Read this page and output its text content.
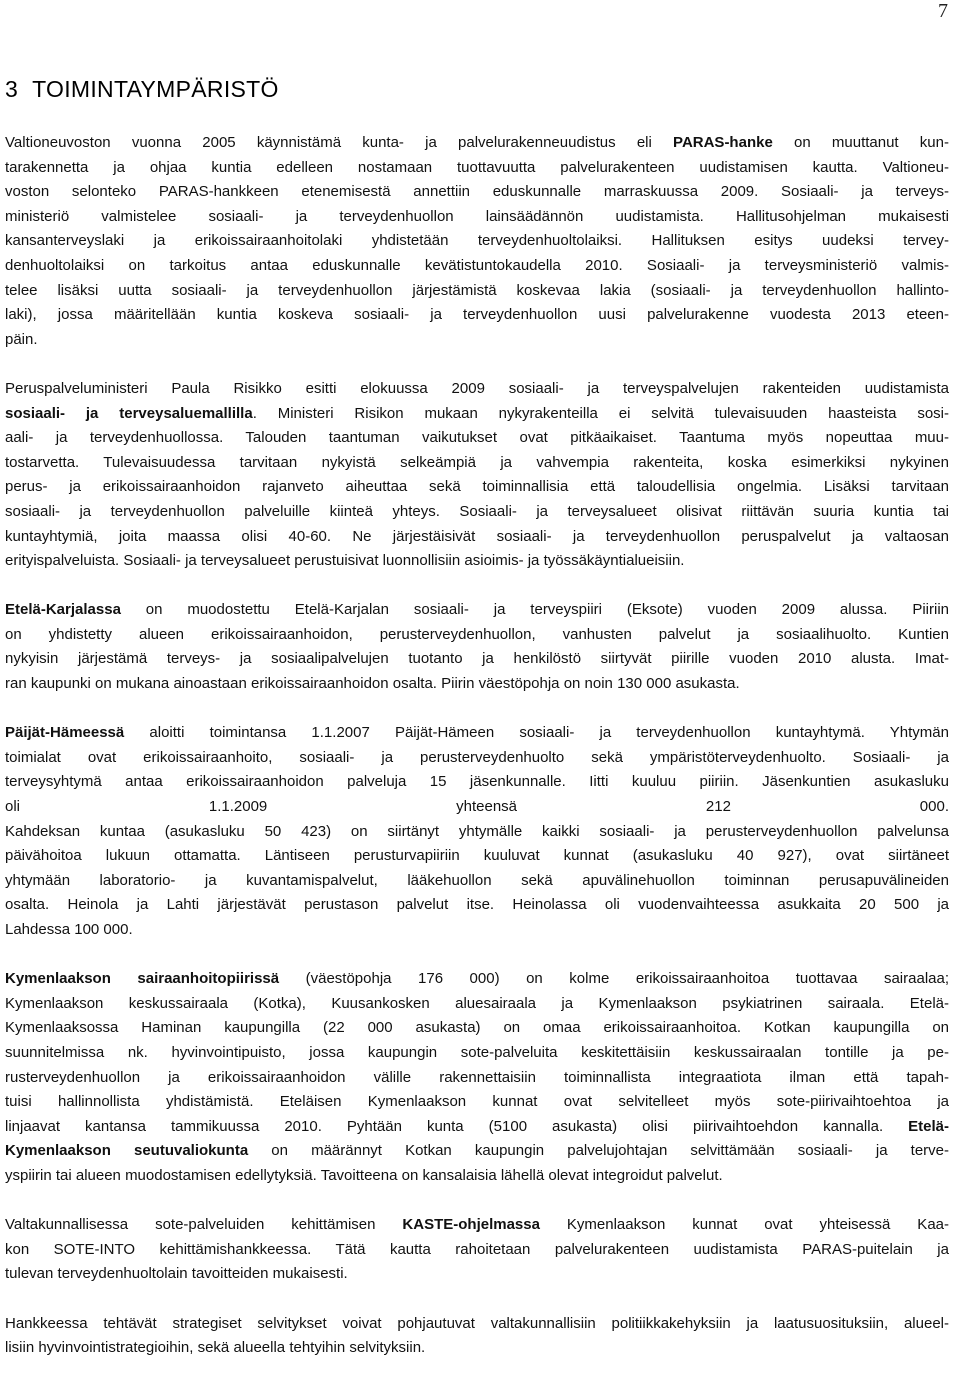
7
3 TOIMINTAYMPÄRISTÖ
Valtioneuvoston vuonna 2005 käynnistämä kunta- ja palvelurakenneuudistus eli PARAS-hanke on muuttanut kun-
tarakennetta ja ohjaa kuntia edelleen nostamaan tuottavuutta palvelurakenteen uudistamisen kautta. Valtioneu-
voston selonteko PARAS-hankkeen etenemisestä annettiin eduskunnalle marraskuussa 2009. Sosiaali- ja terveys-
ministeriö valmistelee sosiaali- ja terveydenhuollon lainsäädännön uudistamista. Hallitusohjelman mukaisesti
kansanterveyslaki ja erikoissairaanhoitolaki yhdistetään terveydenhuoltolaiksi. Hallituksen esitys uudeksi tervey-
denhuoltolaiksi on tarkoitus antaa eduskunnalle kevätistuntokaudella 2010. Sosiaali- ja terveysministeriö valmis-
telee lisäksi uutta sosiaali- ja terveydenhuollon järjestämistä koskevaa lakia (sosiaali- ja terveydenhuollon hallinto-
laki), jossa määritellään kuntia koskeva sosiaali- ja terveydenhuollon uusi palvelurakenne vuodesta 2013 eteen-
päin.
Peruspalveluministeri Paula Risikko esitti elokuussa 2009 sosiaali- ja terveyspalvelujen rakenteiden uudistamista
sosiaali- ja terveysaluemallilla. Ministeri Risikon mukaan nykyrakenteilla ei selvitä tulevaisuuden haasteista sosi-
aali- ja terveydenhuollossa. Talouden taantuman vaikutukset ovat pitkäaikaiset. Taantuma myös nopeuttaa muu-
tostarvetta. Tulevaisuudessa tarvitaan nykyistä selkeämpiä ja vahvempia rakenteita, koska esimerkiksi nykyinen
perus- ja erikoissairaanhoidon rajanveto aiheuttaa sekä toiminnallisia että taloudellisia ongelmia. Lisäksi tarvitaan
sosiaali- ja terveydenhuollon palveluille kiinteä yhteys. Sosiaali- ja terveysalueet olisivat riittävän suuria kuntia tai
kuntayhtymiä, joita maassa olisi 40-60. Ne järjestäisivät sosiaali- ja terveydenhuollon peruspalvelut ja valtaosan
erityispalveluista. Sosiaali- ja terveysalueet perustuisivat luonnollisiin asioimis- ja työssäkäyntialueisiin.
Etelä-Karjalassa on muodostettu Etelä-Karjalan sosiaali- ja terveyspiiri (Eksote) vuoden 2009 alussa. Piiriin
on yhdistetty alueen erikoissairaanhoidon, perusterveydenhuollon, vanhusten palvelut ja sosiaalihuolto. Kuntien
nykyisin järjestämä terveys- ja sosiaalipalvelujen tuotanto ja henkilöstö siirtyvät piirille vuoden 2010 alusta. Imat-
ran kaupunki on mukana ainoastaan erikoissairaanhoidon osalta. Piirin väestöpohja on noin 130 000 asukasta.
Päijät-Hämeessä aloitti toimintansa 1.1.2007 Päijät-Hämeen sosiaali- ja terveydenhuollon kuntayhtymä. Yhtymän
toimialat ovat erikoissairaanhoito, sosiaali- ja perusterveydenhuolto sekä ympäristöterveydenhuolto. Sosiaali- ja
terveysyhtymä antaa erikoissairaanhoidon palveluja 15 jäsenkunnalle. Iitti kuuluu piiriin. Jäsenkuntien asukasluku
oli 1.1.2009 yhteensä 212 000.
Kahdeksan kuntaa (asukasluku 50 423) on siirtänyt yhtymälle kaikki sosiaali- ja perusterveydenhuollon palvelunsa
päivähoitoa lukuun ottamatta. Läntiseen perusturvapiiriin kuuluvat kunnat (asukasluku 40 927), ovat siirtäneet
yhtymään laboratorio- ja kuvantamispalvelut, lääkehuollon sekä apuvälinehuollon toiminnan perusapuvälineiden
osalta. Heinola ja Lahti järjestävät perustason palvelut itse. Heinolassa oli vuodenvaihteessa asukkaita 20 500 ja
Lahdessa 100 000.
Kymenlaakson sairaanhoitopiirissä (väestöpohja 176 000) on kolme erikoissairaanhoitoa tuottavaa sairaalaa;
Kymenlaakson keskussairaala (Kotka), Kuusankosken aluesairaala ja Kymenlaakson psykiatrinen sairaala. Etelä-
Kymenlaaksossa Haminan kaupungilla (22 000 asukasta) on omaa erikoissairaanhoitoa. Kotkan kaupungilla on
suunnitelmissa nk. hyvinvointipuisto, jossa kaupungin sote-palveluita keskitettäisiin keskussairaalan tontille ja pe-
rusterveydenhuollon ja erikoissairaanhoidon välille rakennettaisiin toiminnallista integraatiota ilman että tapah-
tuisi hallinnollista yhdistämistä. Eteläisen Kymenlaakson kunnat ovat selvitelleet myös sote-piirivaihtoehtoa ja
linjaavat kantansa tammikuussa 2010. Pyhtään kunta (5100 asukasta) olisi piirivaihtoehdon kannalla. Etelä-
Kymenlaakson seutuvaliokunta on määrännyt Kotkan kaupungin palvelujohtajan selvittämään sosiaali- ja terve-
yspiirin tai alueen muodostamisen edellytyksiä. Tavoitteena on kansalaisia lähellä olevat integroidut palvelut.
Valtakunnallisessa sote-palveluiden kehittämisen KASTE-ohjelmassa Kymenlaakson kunnat ovat yhteisessä Kaa-
kon SOTE-INTO kehittämishankkeessa. Tätä kautta rahoitetaan palvelurakenteen uudistamista PARAS-puitelain ja
tulevan terveydenhuoltolain tavoitteiden mukaisesti.
Hankkeessa tehtävät strategiset selvitykset voivat pohjautuvat valtakunnallisiin politiikkakehyksiin ja laatusuosituksiin, alueel-
lisiin hyvinvointistrategioihin, sekä alueella tehtyihin selvityksiin.
